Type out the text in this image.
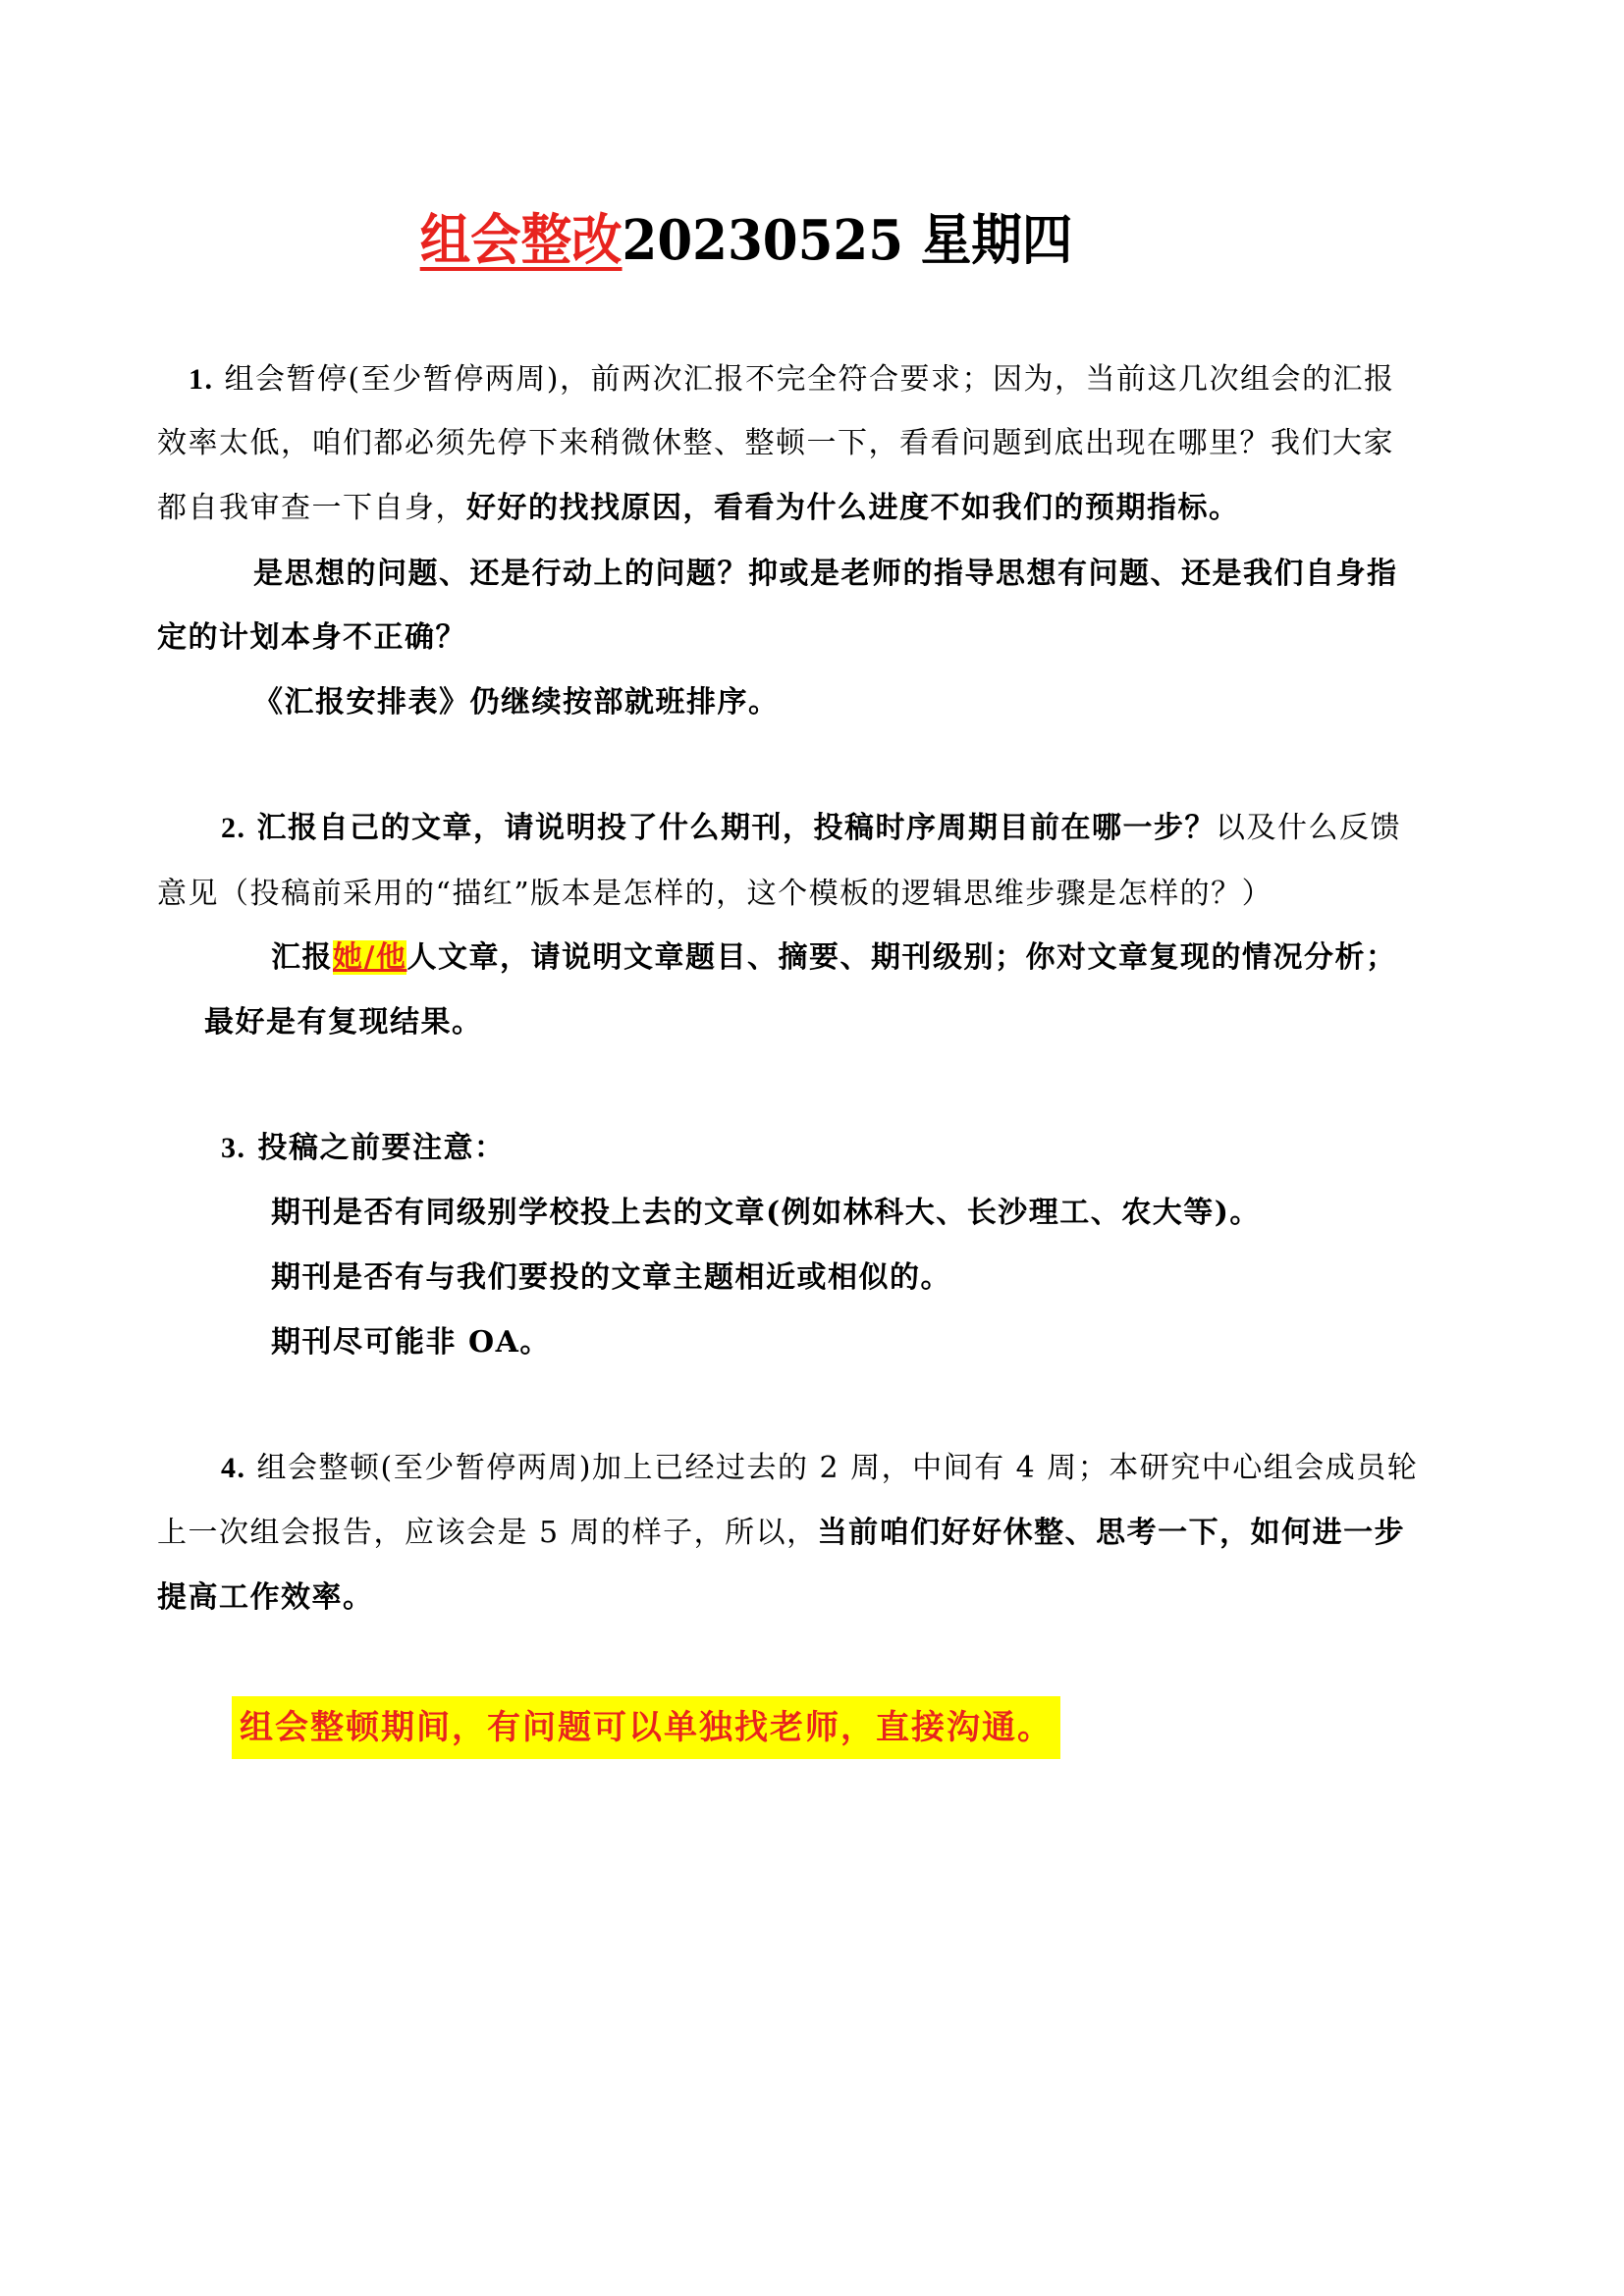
组会整改20230525 星期四
1. 组会暂停(至少暂停两周)，前两次汇报不完全符合要求；因为，当前这几次组会的汇报
效率太低，咱们都必须先停下来稍微休整、整顿一下，看看问题到底出现在哪里？我们大家
都自我审查一下自身，好好的找找原因，看看为什么进度不如我们的预期指标。
是思想的问题、还是行动上的问题？抑或是老师的指导思想有问题、还是我们自身指
定的计划本身不正确？
《汇报安排表》仍继续按部就班排序。
2. 汇报自己的文章，请说明投了什么期刊，投稿时序周期目前在哪一步？以及什么反馈
意见（投稿前采用的“描红”版本是怎样的，这个模板的逻辑思维步骤是怎样的？）
汇报她/他人文章，请说明文章题目、摘要、期刊级别；你对文章复现的情况分析；
最好是有复现结果。
3. 投稿之前要注意：
期刊是否有同级别学校投上去的文章(例如林科大、长沙理工、农大等)。
期刊是否有与我们要投的文章主题相近或相似的。
期刊尽可能非 OA。
4. 组会整顿(至少暂停两周)加上已经过去的 2 周，中间有 4 周；本研究中心组会成员轮
上一次组会报告，应该会是 5 周的样子，所以，当前咱们好好休整、思考一下，如何进一步
提高工作效率。
组会整顿期间，有问题可以单独找老师，直接沟通。
